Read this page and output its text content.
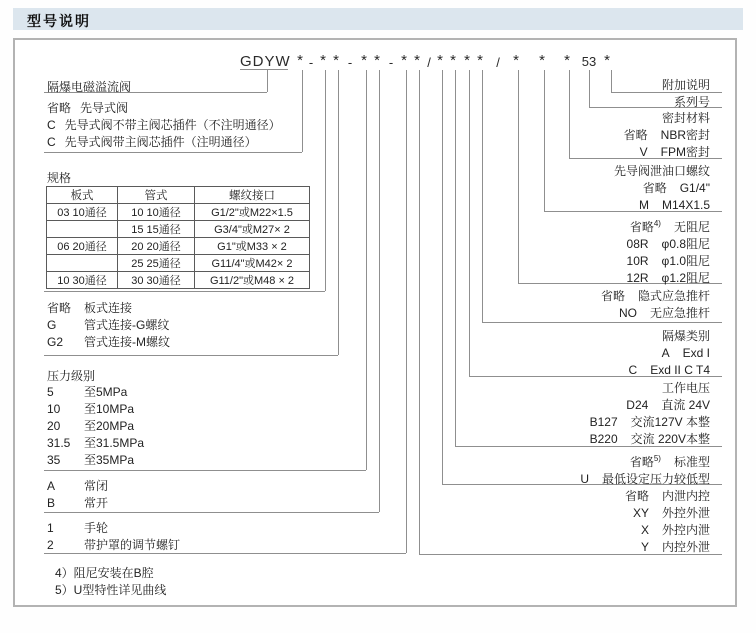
型号说明
GDYW * - * * - * * - * * / * * * *	/ * * * 53 *
隔爆电磁溢流阀
省略 先导式阀
C 先导式阀不带主阀芯插件（不注明通径）
C 先导式阀带主阀芯插件（注明通径）
规格
板式	管式	螺纹接口
03 10通径	10 10通径	G1/2"或M22×1.5
	15 15通径	G3/4"或M27× 2
06 20通径	20 20通径	G1"或M33 × 2
	25 25通径	G11/4"或M42× 2
10 30通径	30 30通径	G11/2"或M48 × 2
省略 板式连接
G 管式连接-G螺纹
G2 管式连接-M螺纹
压力级别
5	至5MPa
10 至10MPa
20 至20MPa
31.5 至31.5MPa
35 至35MPa
A 常闭
B 常开
1	手轮
2	带护罩的调节螺钉
4）阻尼安装在B腔
5）U型特性详见曲线
附加说明
系列号
密封材料
省略 NBR密封
V FPM密封
先导阀泄油口螺纹
省略 G1/4"
M M14X1.5
省略$^{4)}$ 无阻尼
08R φ0.8阻尼
10R φ1.0阻尼
12R φ1.2阻尼
省略 隐式应急推杆
NO 无应急推杆
隔爆类别
A Exd I
C Exd II C T4
工作电压
D24 直流 24V
B127 交流127V 本整
B220 交流 220V本整
省略$^{5)}$ 标准型
U 最低设定压力较低型
省略 内泄内控
XY 外控外泄
X 外控内泄
Y 内控外泄
